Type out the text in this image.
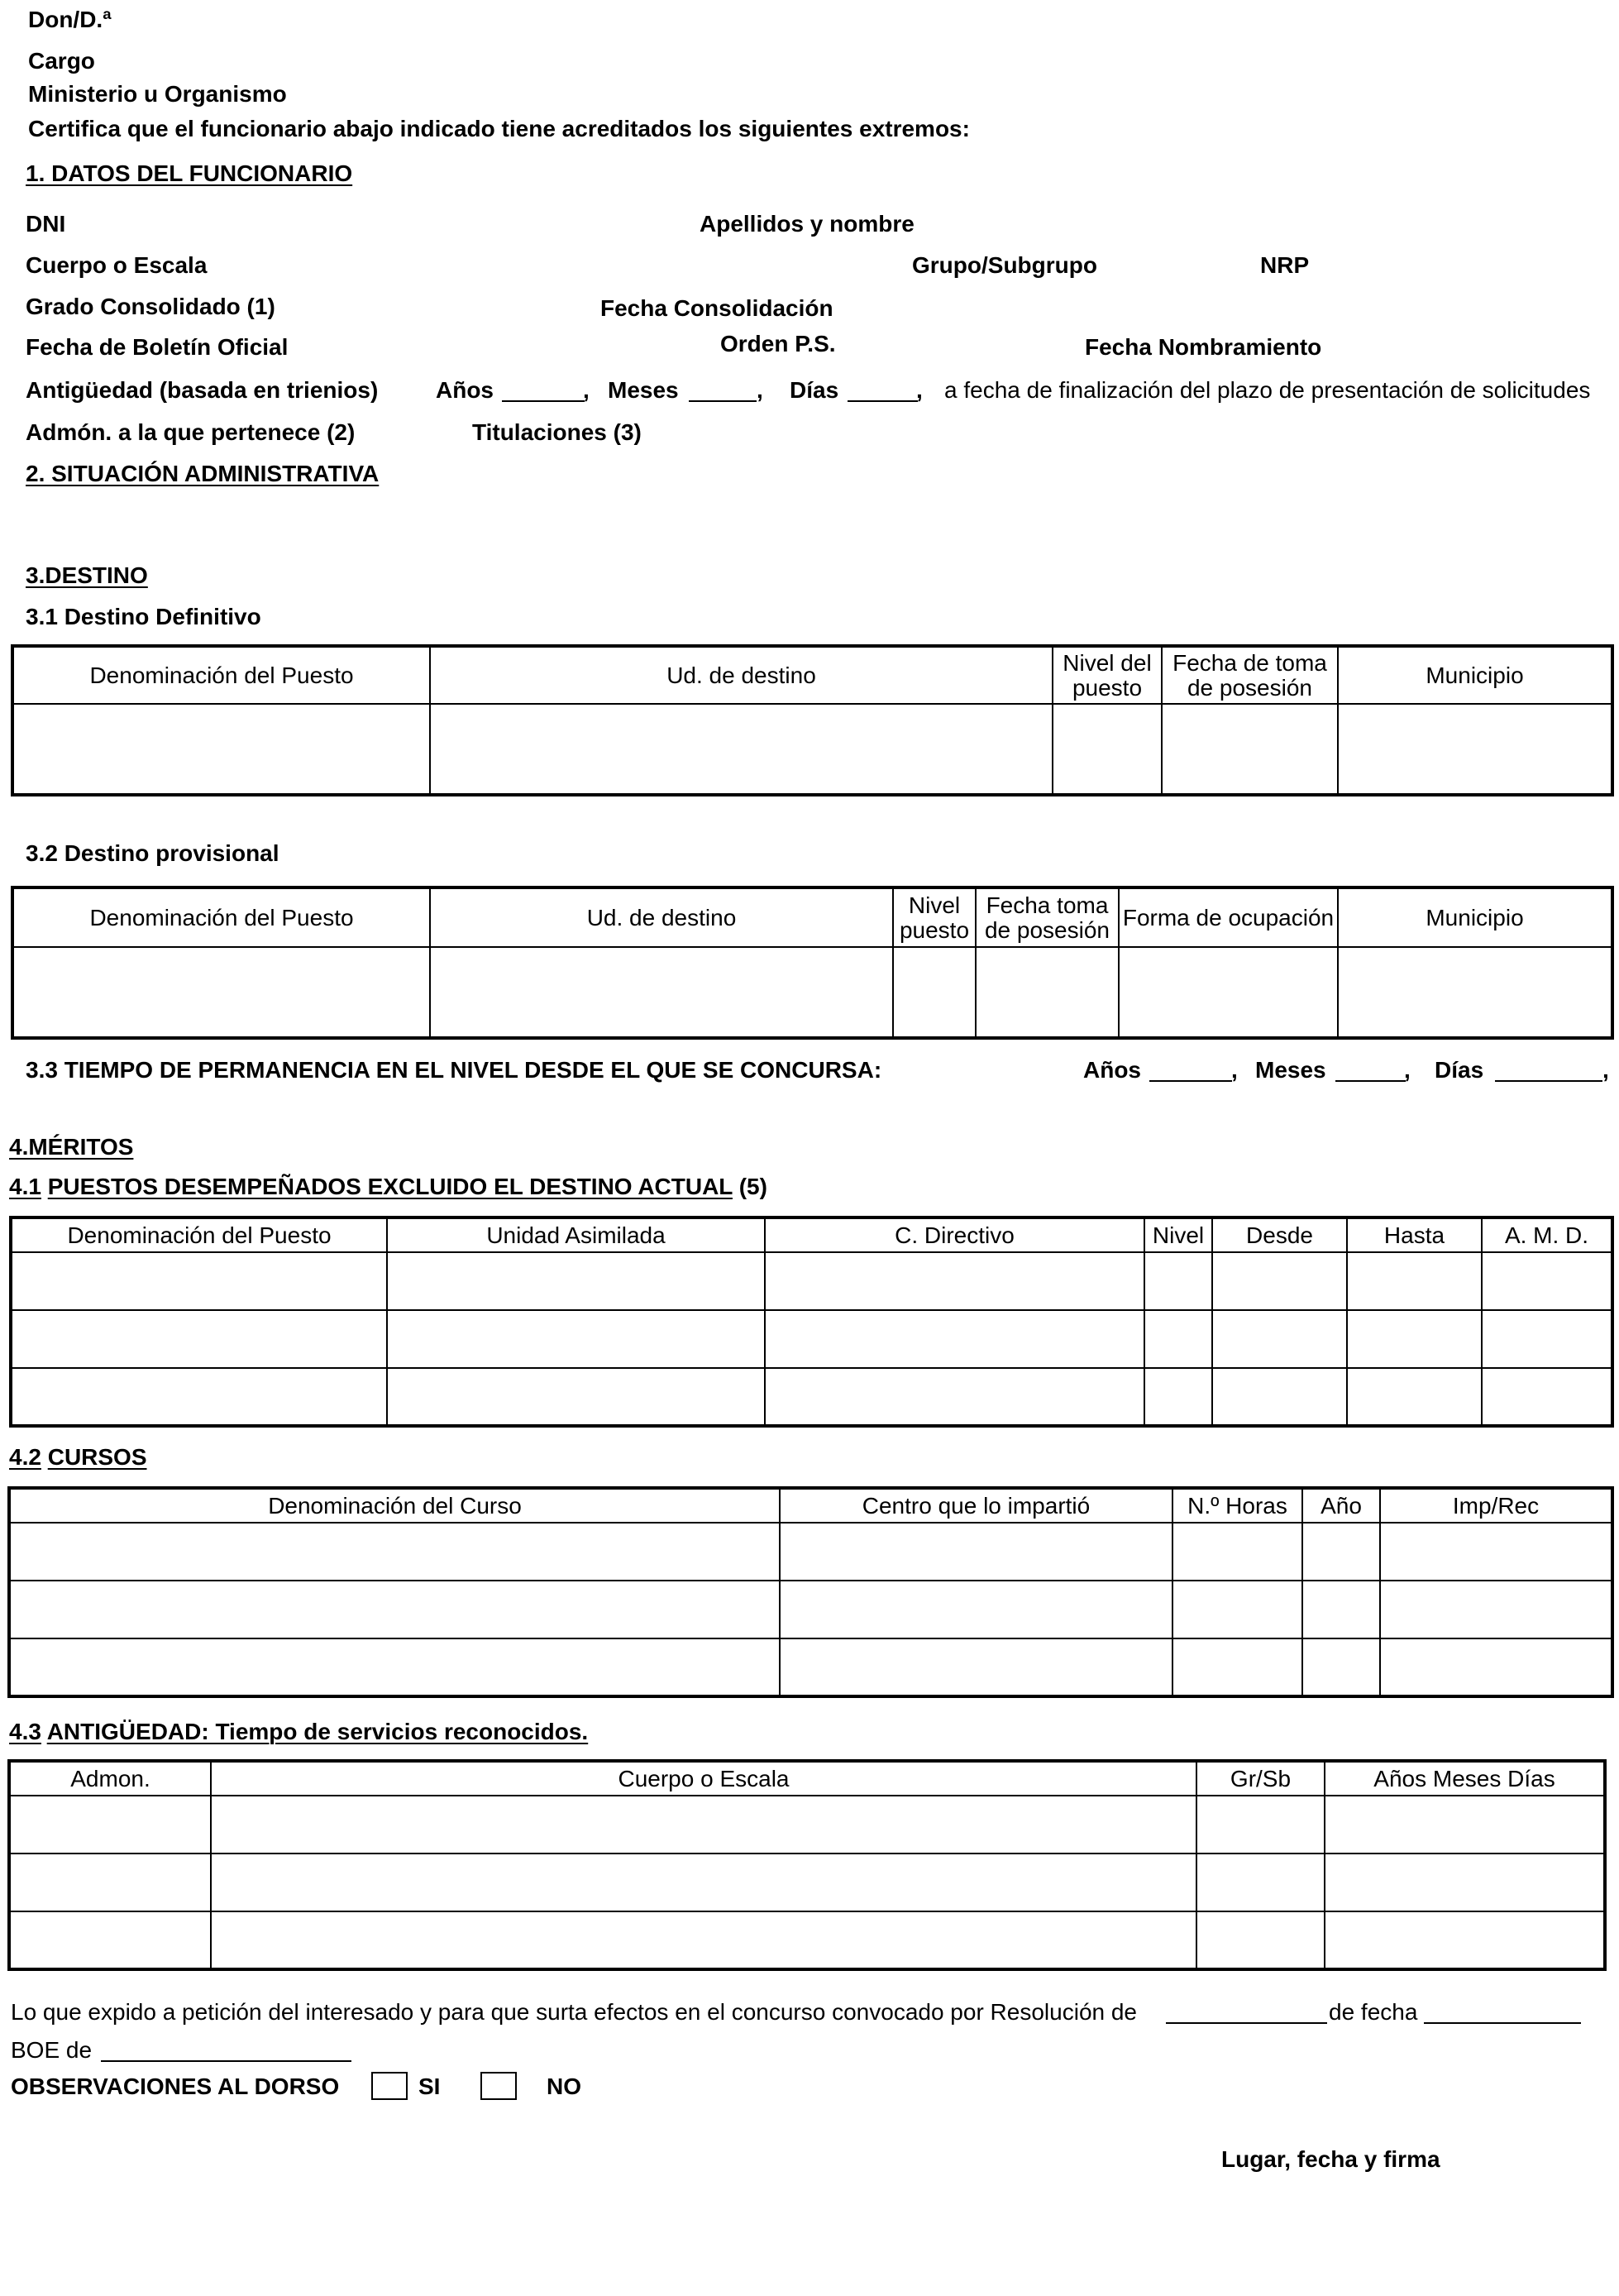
Don/D.ª
Cargo
Ministerio u Organismo
Certifica que el funcionario abajo indicado tiene acreditados los siguientes extremos:
1. DATOS DEL FUNCIONARIO
DNI	Apellidos y nombre
Cuerpo o Escala	Grupo/Subgrupo	NRP
Grado Consolidado (1)	Fecha Consolidación
Fecha de Boletín Oficial	Orden P.S.	Fecha Nombramiento
Antigüedad (basada en trienios) Años	, Meses	, Días	, a fecha de finalización del plazo de presentación de solicitudes
Admón. a la que pertenece (2)	Titulaciones (3)
2. SITUACIÓN ADMINISTRATIVA
3.DESTINO
3.1 Destino Definitivo
Denominación del Puesto	Ud. de destino	Nivel del puesto	Fecha de toma de posesión	Municipio

3.2 Destino provisional
Denominación del Puesto	Ud. de destino	Nivel puesto	Fecha toma de posesión	Forma de ocupación	Municipio

3.3 TIEMPO DE PERMANENCIA EN EL NIVEL DESDE EL QUE SE CONCURSA:	Años	, Meses	, Días	,
4.MÉRITOS
4.1 PUESTOS DESEMPEÑADOS EXCLUIDO EL DESTINO ACTUAL (5)
Denominación del Puesto	Unidad Asimilada	C. Directivo	Nivel	Desde	Hasta	A. M. D.

4.2 CURSOS
Denominación del Curso	Centro que lo impartió	N.º Horas	Año	Imp/Rec

4.3 ANTIGÜEDAD: Tiempo de servicios reconocidos.
Admon.	Cuerpo o Escala	Gr/Sb	Años Meses Días

Lo que expido a petición del interesado y para que surta efectos en el concurso convocado por Resolución de	de fecha
BOE de
OBSERVACIONES AL DORSO	SI	NO
Lugar, fecha y firma
